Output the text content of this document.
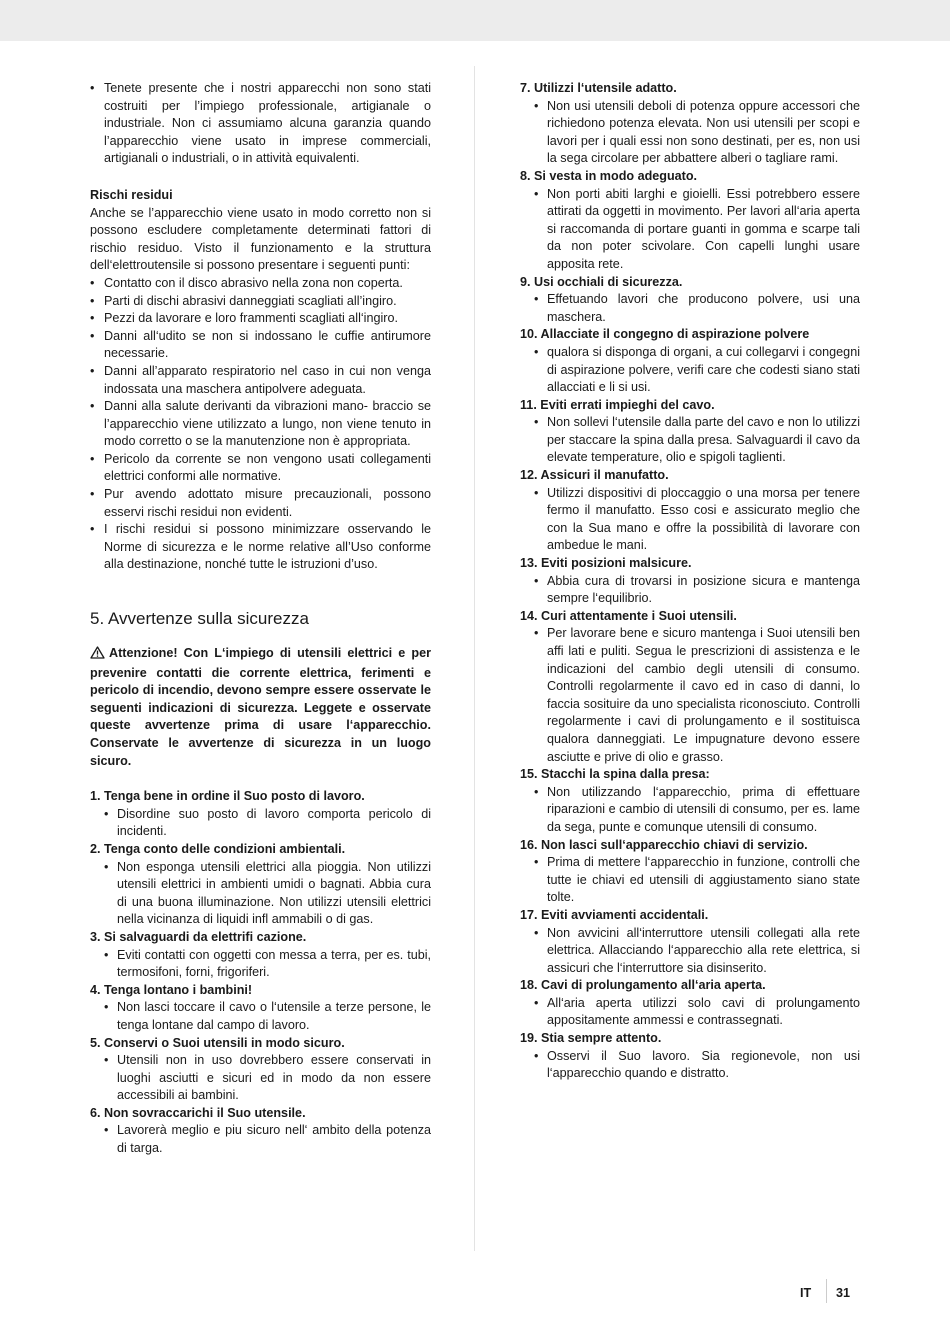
• Tenete presente che i nostri apparecchi non sono stati costruiti per l’impiego professionale, artigianale o industriale. Non ci assumiamo alcuna garanzia quando l’apparecchio viene usato in imprese commerciali, artigianali o industriali, o in attività equivalenti.
Rischi residui

Anche se l’apparecchio viene usato in modo corretto non si possono escludere completamente determinati fattori di rischio residuo. Visto il funzionamento e la struttura dell‘elettroutensile si possono presentare i seguenti punti:

• Contatto con il disco abrasivo nella zona non coperta.
• Parti di dischi abrasivi danneggiati scagliati all’ingiro.
• Pezzi da lavorare e loro frammenti scagliati all‘ingiro.
• Danni all‘udito se non si indossano le cuffie antirumore necessarie.
• Danni all’apparato respiratorio nel caso in cui non venga indossata una maschera antipolvere adeguata.
• Danni alla salute derivanti da vibrazioni mano- braccio se l’apparecchio viene utilizzato a lungo, non viene tenuto in modo corretto o se la manutenzione non è appropriata.
• Pericolo da corrente se non vengono usati collegamenti elettrici conformi alle normative.
• Pur avendo adottato misure precauzionali, possono esservi rischi residui non evidenti.
• I rischi residui si possono minimizzare osservando le Norme di sicurezza e le norme relative all’Uso conforme alla destinazione, nonché tutte le istruzioni d’uso.
5. Avvertenze sulla sicurezza
Attenzione! Con L‘impiego di utensili elettrici e per prevenire contatti die corrente elettrica, ferimenti e pericolo di incendio, devono sempre essere osservate le seguenti indicazioni di sicurezza. Leggete e osservate queste avvertenze prima di usare l‘apparecchio. Conservate le avvertenze di sicurezza in un luogo sicuro.
1. Tenga bene in ordine il Suo posto di lavoro.
• Disordine suo posto di lavoro comporta pericolo di incidenti.
2. Tenga conto delle condizioni ambientali.
• Non esponga utensili elettrici alla pioggia. Non utilizzi utensili elettrici in ambienti umidi o bagnati. Abbia cura di una buona illuminazione. Non utilizzi utensili elettrici nella vicinanza di liquidi infl ammabili o di gas.
3. Si salvaguardi da elettrifi cazione.
• Eviti contatti con oggetti con messa a terra, per es. tubi, termosifoni, forni, frigoriferi.
4. Tenga lontano i bambini!
• Non lasci toccare il cavo o l‘utensile a terze persone, le tenga lontane dal campo di lavoro.
5. Conservi o Suoi utensili in modo sicuro.
• Utensili non in uso dovrebbero essere conservati in luoghi asciutti e sicuri ed in modo da non essere accessibili ai bambini.
6. Non sovraccarichi il Suo utensile.
• Lavorerà meglio e piu sicuro nell‘ ambito della potenza di targa.
7. Utilizzi l‘utensile adatto.
• Non usi utensili deboli di potenza oppure accessori che richiedono potenza elevata. Non usi utensili per scopi e lavori per i quali essi non sono destinati, per es, non usi la sega circolare per abbattere alberi o tagliare rami.
8. Si vesta in modo adeguato.
• Non porti abiti larghi e gioielli. Essi potrebbero essere attirati da oggetti in movimento. Per lavori all‘aria aperta si raccomanda di portare guanti in gomma e scarpe tali da non poter scivolare. Con capelli lunghi usare apposita rete.
9. Usi occhiali di sicurezza.
• Effetuando lavori che producono polvere, usi una maschera.
10. Allacciate il congegno di aspirazione polvere
• qualora si disponga di organi, a cui collegarvi i congegni di aspirazione polvere, verifi care che codesti siano stati allacciati e li si usi.
11. Eviti errati impieghi del cavo.
• Non sollevi l‘utensile dalla parte del cavo e non lo utilizzi per staccare la spina dalla presa. Salvaguardi il cavo da elevate temperature, olio e spigoli taglienti.
12. Assicuri il manufatto.
• Utilizzi dispositivi di ploccaggio o una morsa per tenere fermo il manufatto. Esso cosi e assicurato meglio che con la Sua mano e offre la possibilità di lavorare con ambedue le mani.
13. Eviti posizioni malsicure.
• Abbia cura di trovarsi in posizione sicura e mantenga sempre l‘equilibrio.
14. Curi attentamente i Suoi utensili.
• Per lavorare bene e sicuro mantenga i Suoi utensili ben affi lati e puliti. Segua le prescrizioni di assistenza e le indicazioni del cambio degli utensili di consumo. Controlli regolarmente il cavo ed in caso di danni, lo faccia sosituire da uno specialista riconosciuto. Controlli regolarmente i cavi di prolungamento e il sostituisca qualora danneggiati. Le impugnature devono essere asciutte e prive di olio e grasso.
15. Stacchi la spina dalla presa:
• Non utilizzando l‘apparecchio, prima di effettuare riparazioni e cambio di utensili di consumo, per es. lame da sega, punte e comunque utensili di consumo.
16. Non lasci sull‘apparecchio chiavi di servizio.
• Prima di mettere l‘apparecchio in funzione, controlli che tutte ie chiavi ed utensili di aggiustamento siano state tolte.
17. Eviti avviamenti accidentali.
• Non avvicini all‘interruttore utensili collegati alla rete elettrica. Allacciando l‘apparecchio alla rete elettrica, si assicuri che l‘interruttore sia disinserito.
18. Cavi di prolungamento all‘aria aperta.
• All‘aria aperta utilizzi solo cavi di prolungamento appositamente ammessi e contrassegnati.
19. Stia sempre attento.
• Osservi il Suo lavoro. Sia regionevole, non usi l‘apparecchio quando e distratto.
IT 31
